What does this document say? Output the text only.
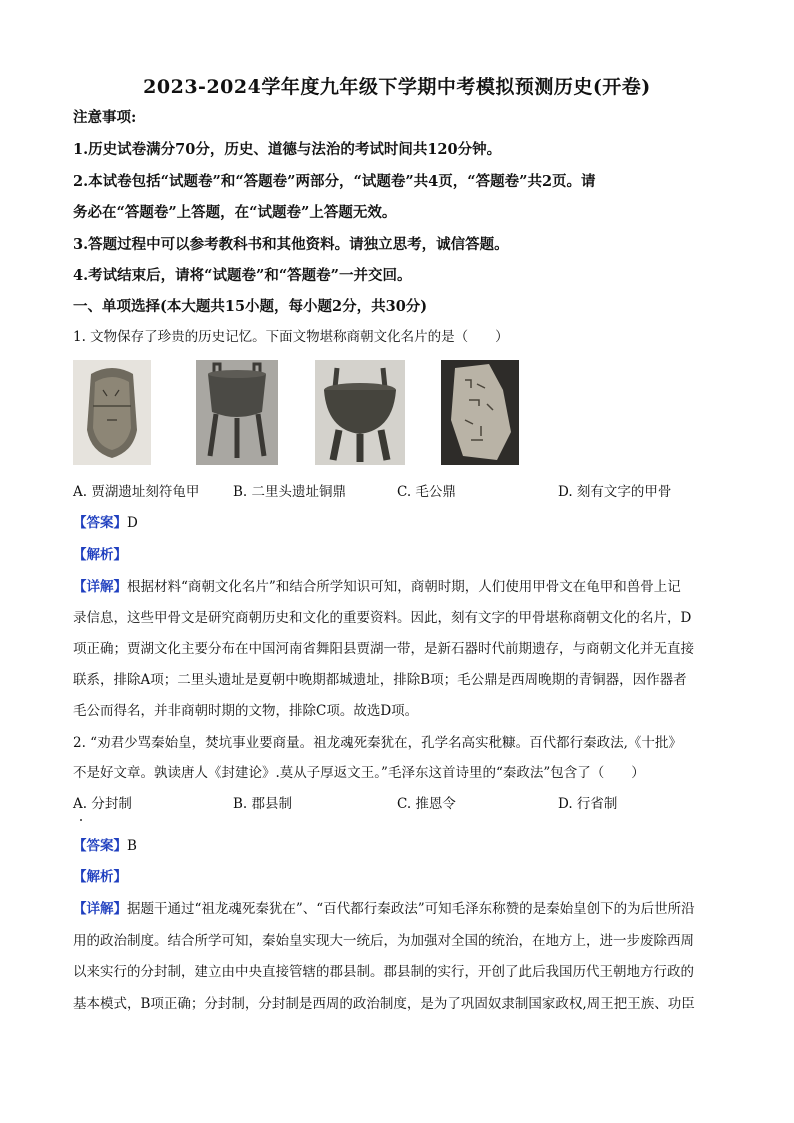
2023-2024学年度九年级下学期中考模拟预测历史(开卷)
注意事项:
1.历史试卷满分70分，历史、道德与法治的考试时间共120分钟。
2.本试卷包括“试题卷”和“答题卷”两部分，“试题卷”共4页，“答题卷”共2页。请
务必在“答题卷”上答题，在“试题卷”上答题无效。
3.答题过程中可以参考教科书和其他资料。请独立思考，诚信答题。
4.考试结束后，请将“试题卷”和“答题卷”一并交回。
一、单项选择(本大题共15小题，每小题2分，共30分)
1. 文物保存了珍贵的历史记忆。下面文物堪称商朝文化名片的是（　　）
A. 贾湖遗址刻符龟甲 B. 二里头遗址铜鼎	C. 毛公鼎	D. 刻有文字的甲骨
【答案】D
【解析】
【详解】根据材料“商朝文化名片”和结合所学知识可知，商朝时期，人们使用甲骨文在龟甲和兽骨上记
录信息，这些甲骨文是研究商朝历史和文化的重要资料。因此，刻有文字的甲骨堪称商朝文化的名片，D
项正确；贾湖文化主要分布在中国河南省舞阳县贾湖一带，是新石器时代前期遗存，与商朝文化并无直接
联系，排除A项；二里头遗址是夏朝中晚期都城遗址，排除B项；毛公鼎是西周晚期的青铜器，因作器者
毛公而得名，并非商朝时期的文物，排除C项。故选D项。
2. “劝君少骂秦始皇，焚坑事业要商量。祖龙魂死秦犹在，孔学名高实秕糠。百代都行秦政法,《十批》
不是好文章。孰读唐人《封建论》.莫从子厚返文王。”毛泽东这首诗里的“秦政法”包含了（　　）
A. 分封制	B. 郡县制	C. 推恩令	D. 行省制
【答案】B
【解析】
【详解】据题干通过“祖龙魂死秦犹在”、“百代都行秦政法”可知毛泽东称赞的是秦始皇创下的为后世所沿
用的政治制度。结合所学可知，秦始皇实现大一统后，为加强对全国的统治，在地方上，进一步废除西周
以来实行的分封制，建立由中央直接管辖的郡县制。郡县制的实行，开创了此后我国历代王朝地方行政的
基本模式，B项正确；分封制，分封制是西周的政治制度，是为了巩固奴隶制国家政权,周王把王族、功臣
